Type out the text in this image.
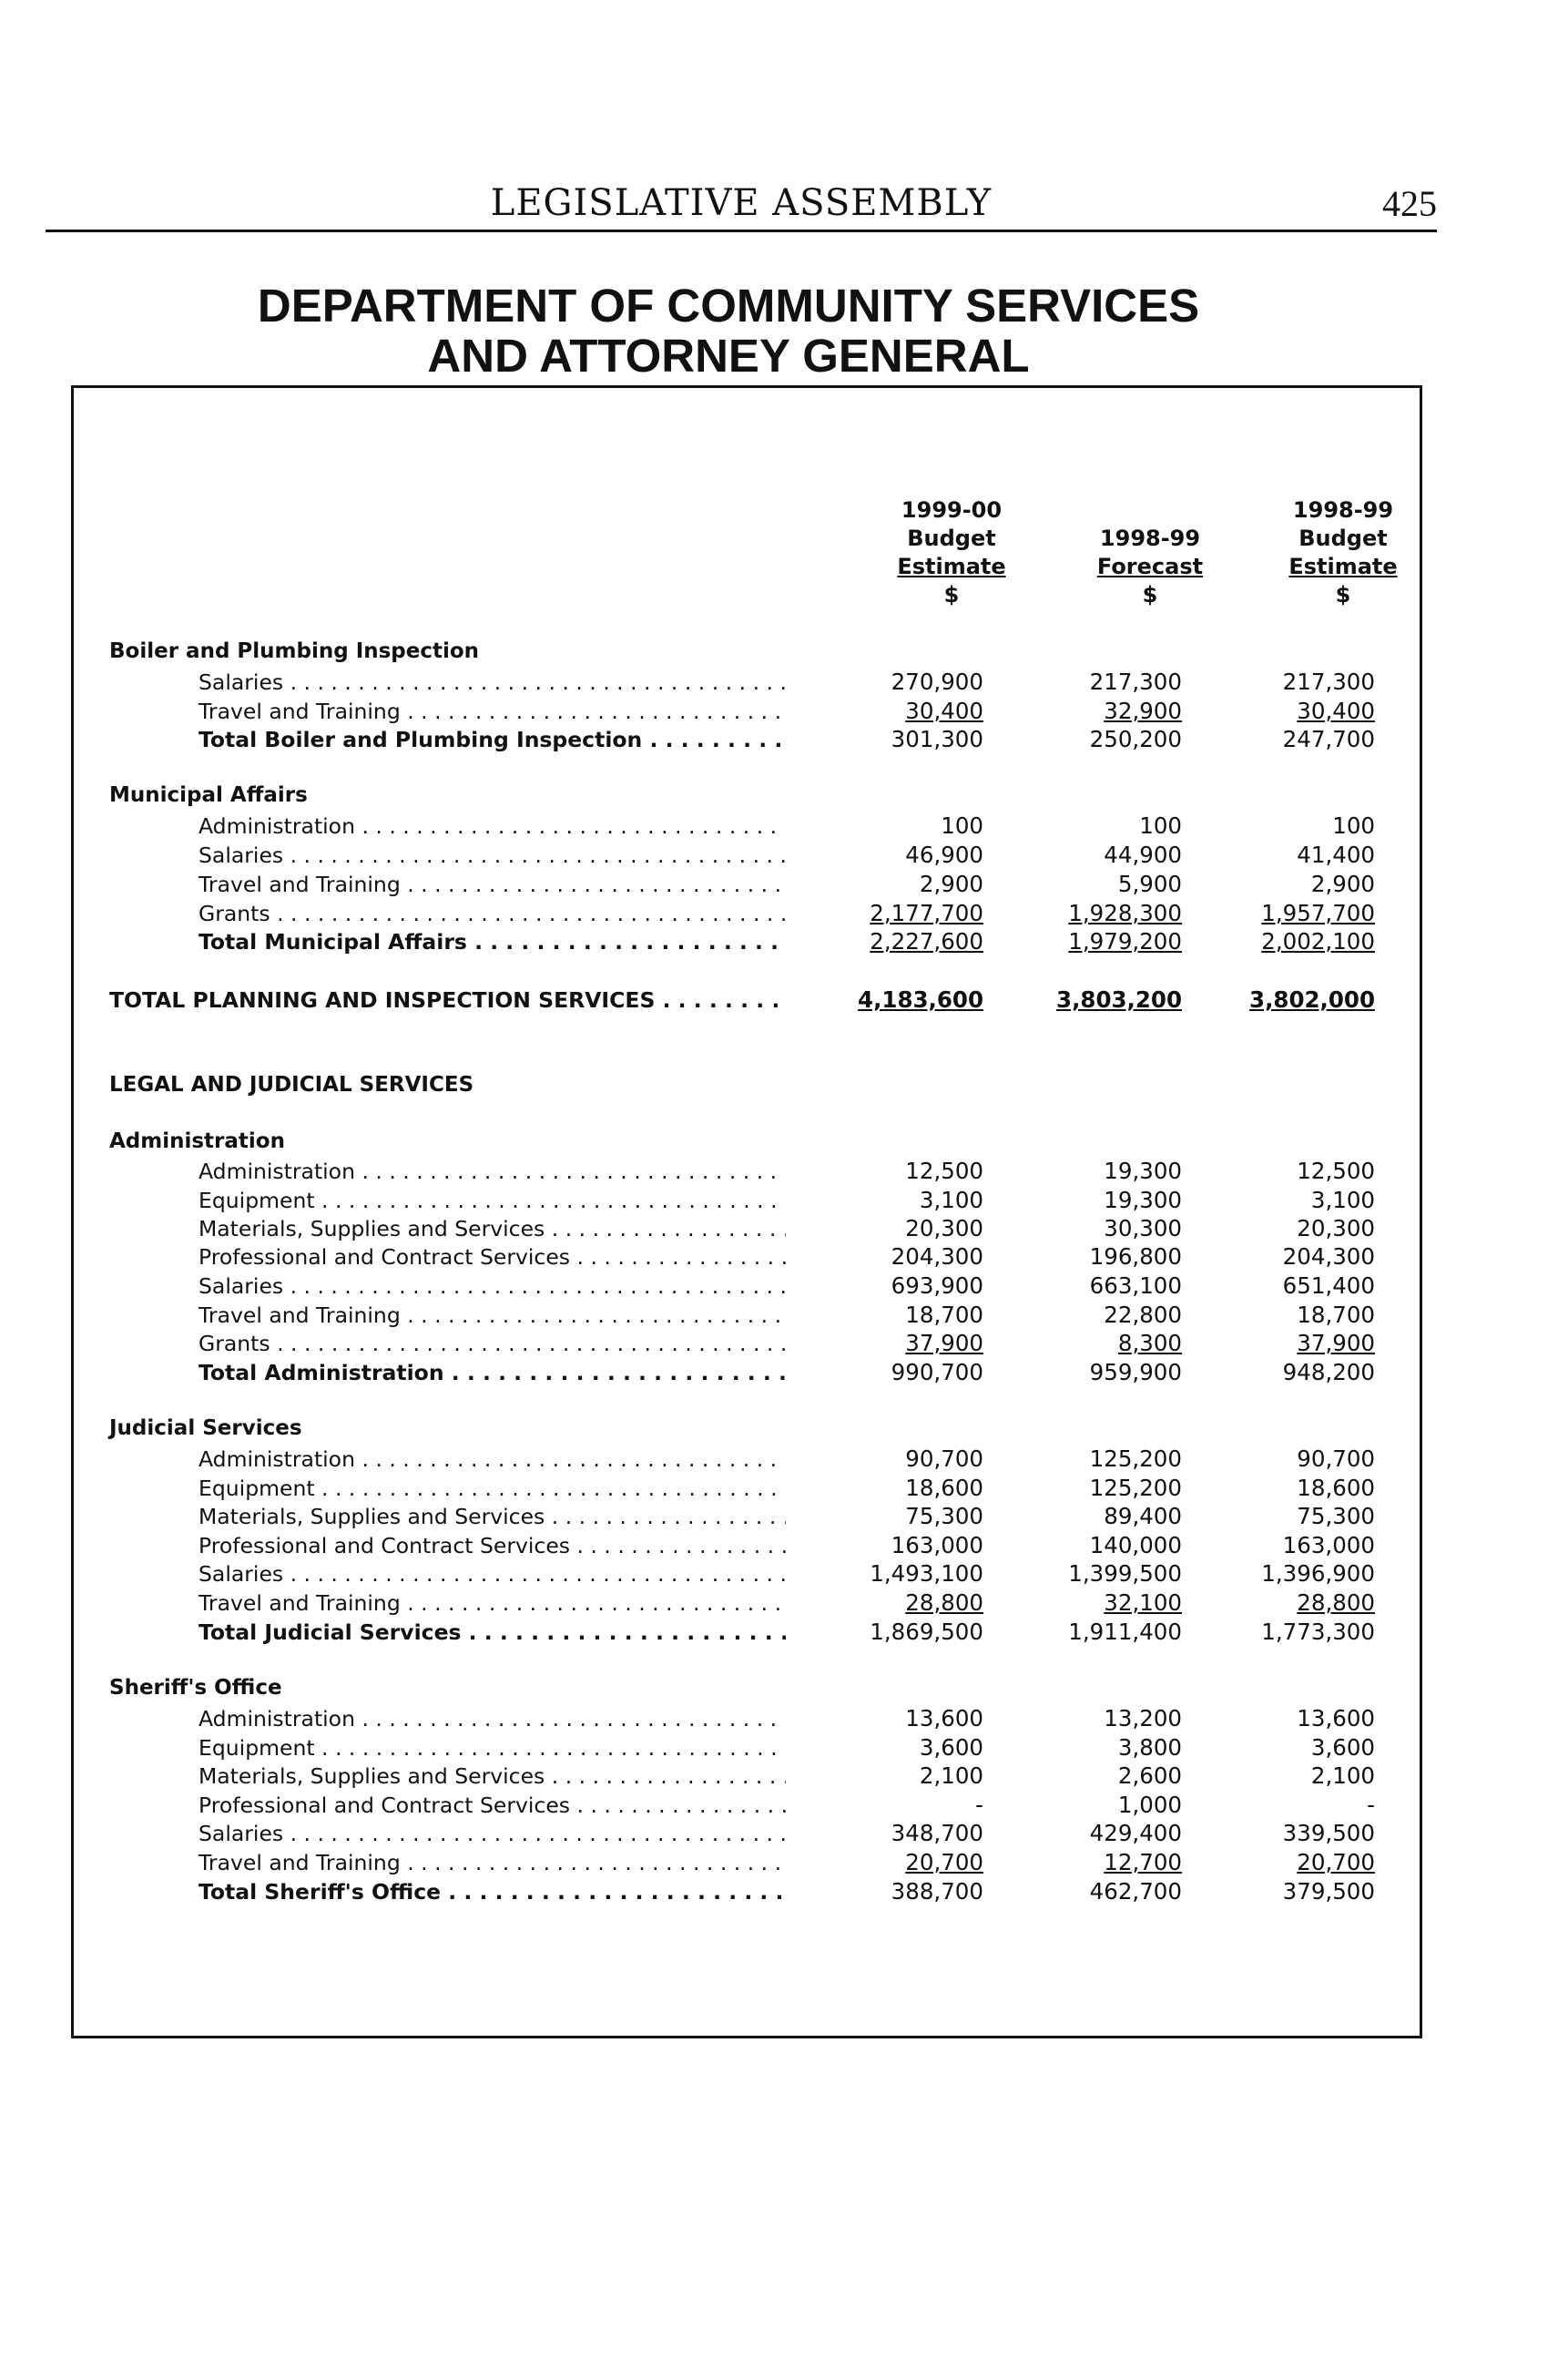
LEGISLATIVE ASSEMBLY	425
DEPARTMENT OF COMMUNITY SERVICES
AND ATTORNEY GENERAL
1999-00
Budget
Estimate
$
1998-99
Forecast
$
1998-99
Budget
Estimate
$
Boiler and Plumbing Inspection
Salaries . . .	270,900	217,300	217,300
Travel and Training . . .	30,400	32,900	30,400
Total Boiler and Plumbing Inspection . . .	301,300	250,200	247,700
Municipal Affairs
Administration . . .	100	100	100
Salaries . . .	46,900	44,900	41,400
Travel and Training . . .	2,900	5,900	2,900
Grants . . .	2,177,700	1,928,300	1,957,700
Total Municipal Affairs . . .	2,227,600	1,979,200	2,002,100
TOTAL PLANNING AND INSPECTION SERVICES . . .	4,183,600	3,803,200	3,802,000
LEGAL AND JUDICIAL SERVICES
Administration
Administration . . .	12,500	19,300	12,500
Equipment . . .	3,100	19,300	3,100
Materials, Supplies and Services . . .	20,300	30,300	20,300
Professional and Contract Services . . .	204,300	196,800	204,300
Salaries . . .	693,900	663,100	651,400
Travel and Training . . .	18,700	22,800	18,700
Grants . . .	37,900	8,300	37,900
Total Administration . . .	990,700	959,900	948,200
Judicial Services
Administration . . .	90,700	125,200	90,700
Equipment . . .	18,600	125,200	18,600
Materials, Supplies and Services . . .	75,300	89,400	75,300
Professional and Contract Services . . .	163,000	140,000	163,000
Salaries . . .	1,493,100	1,399,500	1,396,900
Travel and Training . . .	28,800	32,100	28,800
Total Judicial Services . . .	1,869,500	1,911,400	1,773,300
Sheriff's Office
Administration . . .	13,600	13,200	13,600
Equipment . . .	3,600	3,800	3,600
Materials, Supplies and Services . . .	2,100	2,600	2,100
Professional and Contract Services . . .	-	1,000	-
Salaries . . .	348,700	429,400	339,500
Travel and Training . . .	20,700	12,700	20,700
Total Sheriff's Office . . .	388,700	462,700	379,500
